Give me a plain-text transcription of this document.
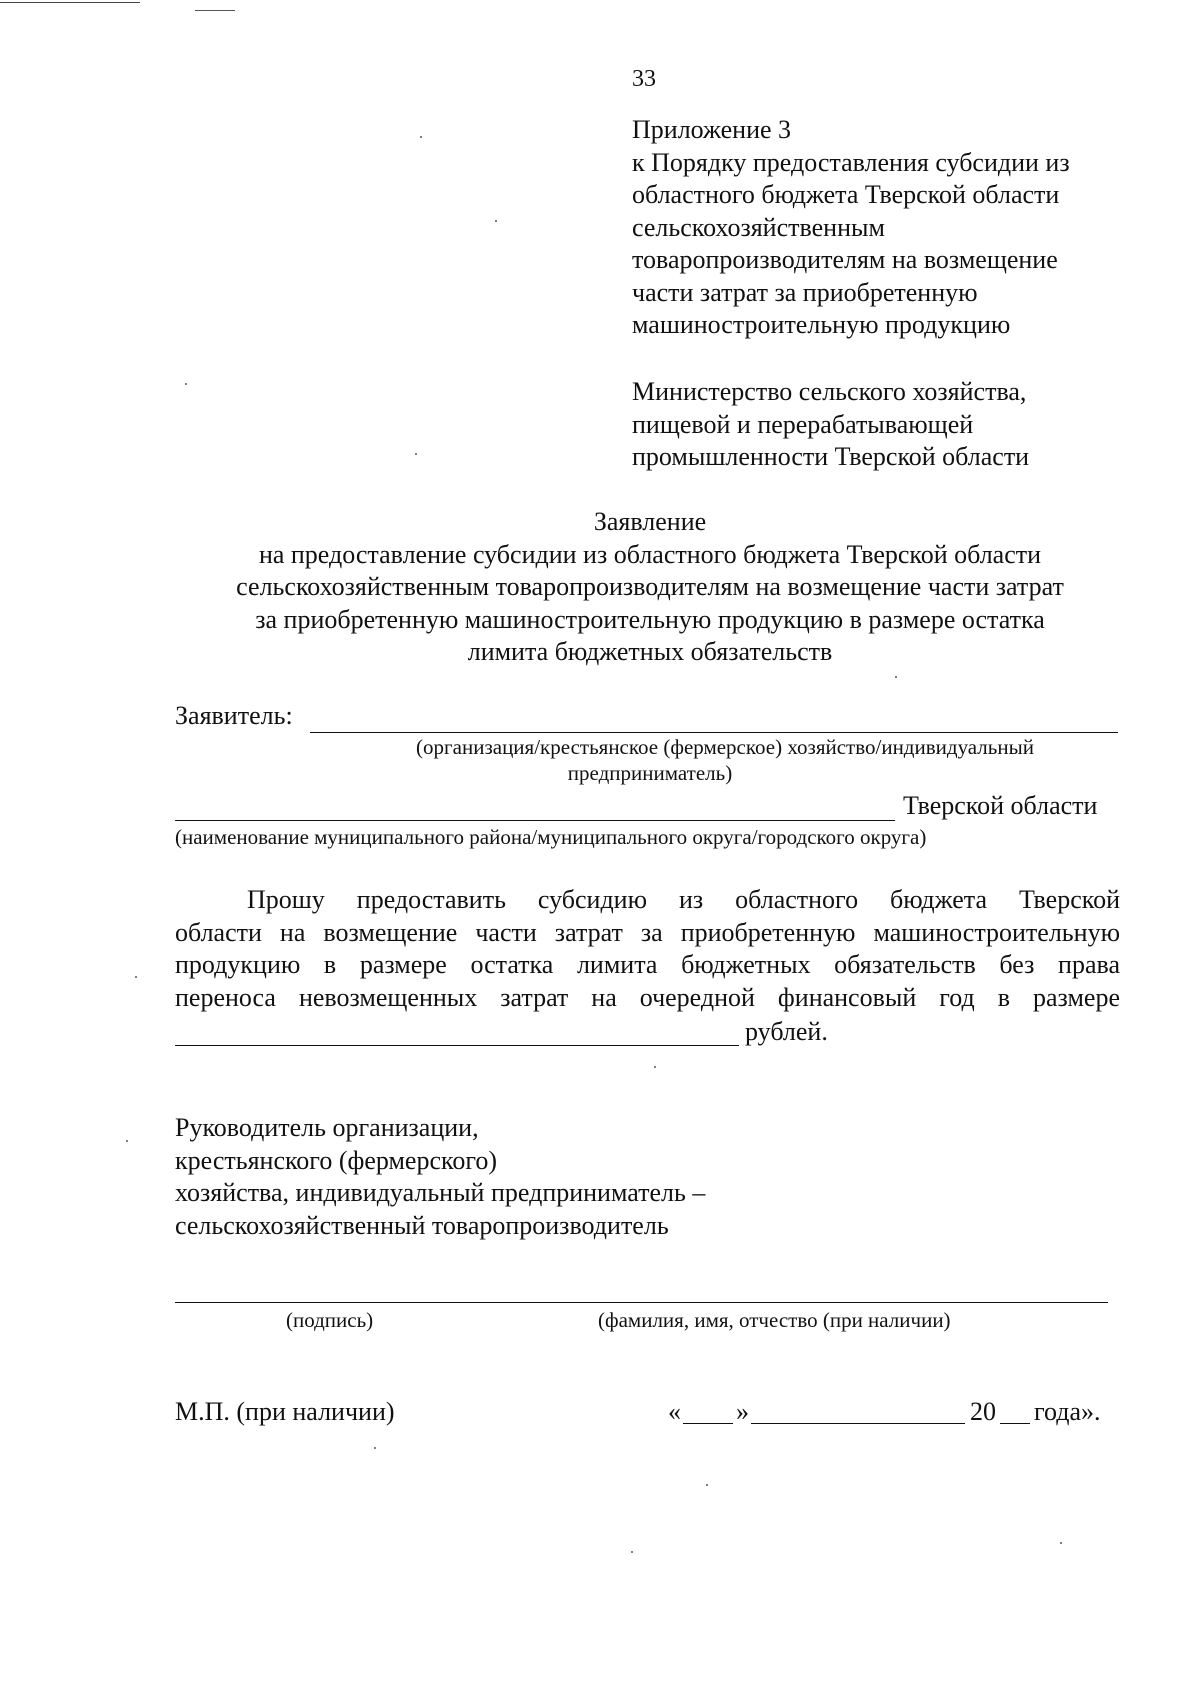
33
Приложение 3
к Порядку предоставления субсидии из
областного бюджета Тверской области
сельскохозяйственным
товаропроизводителям на возмещение
части затрат за приобретенную
машиностроительную продукцию
Министерство сельского хозяйства,
пищевой и перерабатывающей
промышленности Тверской области
Заявление
на предоставление субсидии из областного бюджета Тверской области
сельскохозяйственным товаропроизводителям на возмещение части затрат
за приобретенную машиностроительную продукцию в размере остатка
лимита бюджетных обязательств
Заявитель:
(организация/крестьянское (фермерское) хозяйство/индивидуальный
предприниматель)
Тверской области
(наименование муниципального района/муниципального округа/городского округа)
Прошу предоставить субсидию из областного бюджета Тверской
области на возмещение части затрат за приобретенную машиностроительную
продукцию в размере остатка лимита бюджетных обязательств без права
переноса невозмещенных затрат на очередной финансовый год в размере
рублей.
Руководитель организации,
крестьянского (фермерского)
хозяйства, индивидуальный предприниматель –
сельскохозяйственный товаропроизводитель
(подпись)	(фамилия, имя, отчество (при наличии)
М.П. (при наличии)	« »	20 года».
